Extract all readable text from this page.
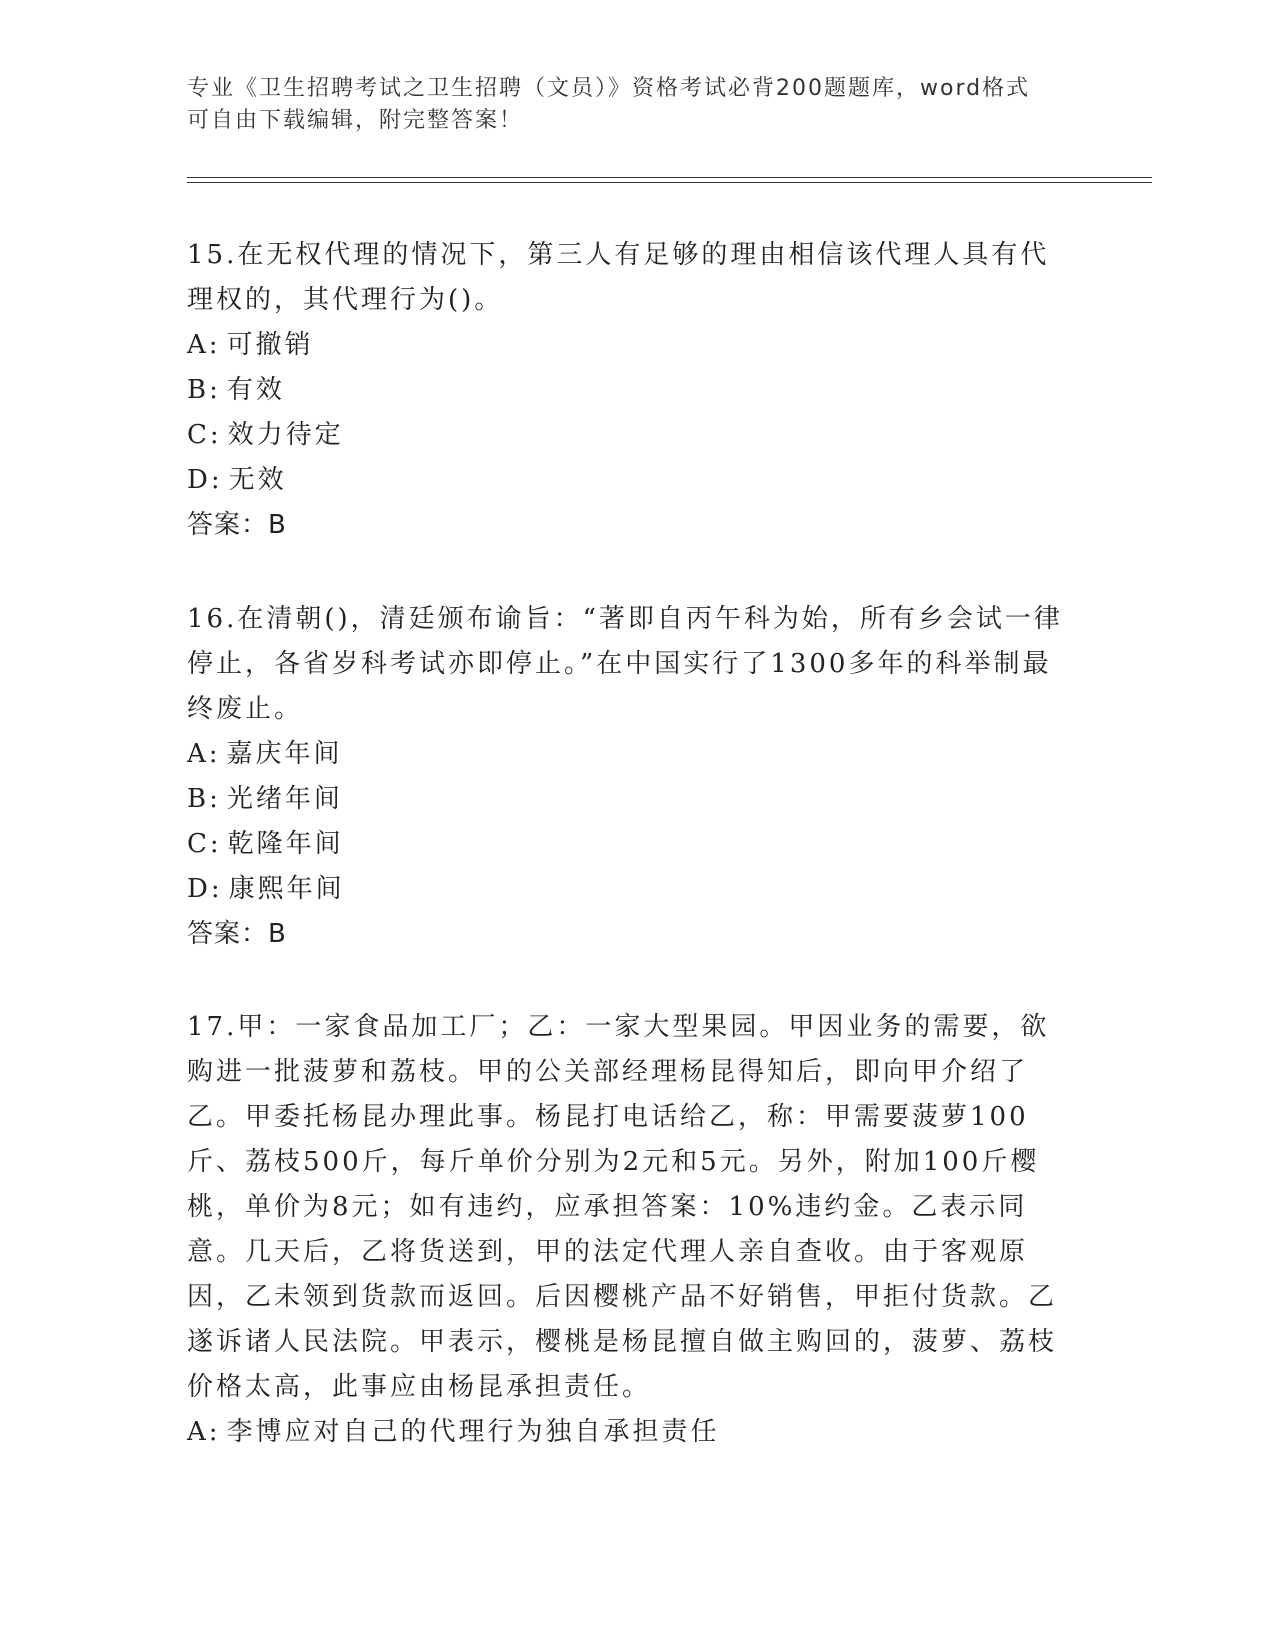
专业《卫生招聘考试之卫生招聘（文员）》资格考试必背200题题库，word格式
可自由下载编辑，附完整答案！

15.在无权代理的情况下，第三人有足够的理由相信该代理人具有代理权的，其代理行为()。

A: 可撤销
B: 有效
C: 效力待定
D: 无效
答案：B

16.在清朝()，清廷颁布谕旨：“著即自丙午科为始，所有乡会试一律停止，各省岁科考试亦即停止。”在中国实行了1300多年的科举制最终废止。

A: 嘉庆年间
B: 光绪年间
C: 乾隆年间
D: 康熙年间
答案：B

17.甲：一家食品加工厂；乙：一家大型果园。甲因业务的需要，欲购进一批菠萝和荔枝。甲的公关部经理杨昆得知后，即向甲介绍了乙。甲委托杨昆办理此事。杨昆打电话给乙，称：甲需要菠萝100斤、荔枝500斤，每斤单价分别为2元和5元。另外，附加100斤樱桃，单价为8元；如有违约，应承担答案：10%违约金。乙表示同意。几天后，乙将货送到，甲的法定代理人亲自查收。由于客观原因，乙未领到货款而返回。后因樱桃产品不好销售，甲拒付货款。乙遂诉诸人民法院。甲表示，樱桃是杨昆擅自做主购回的，菠萝、荔枝价格太高，此事应由杨昆承担责任。

A: 李博应对自己的代理行为独自承担责任
